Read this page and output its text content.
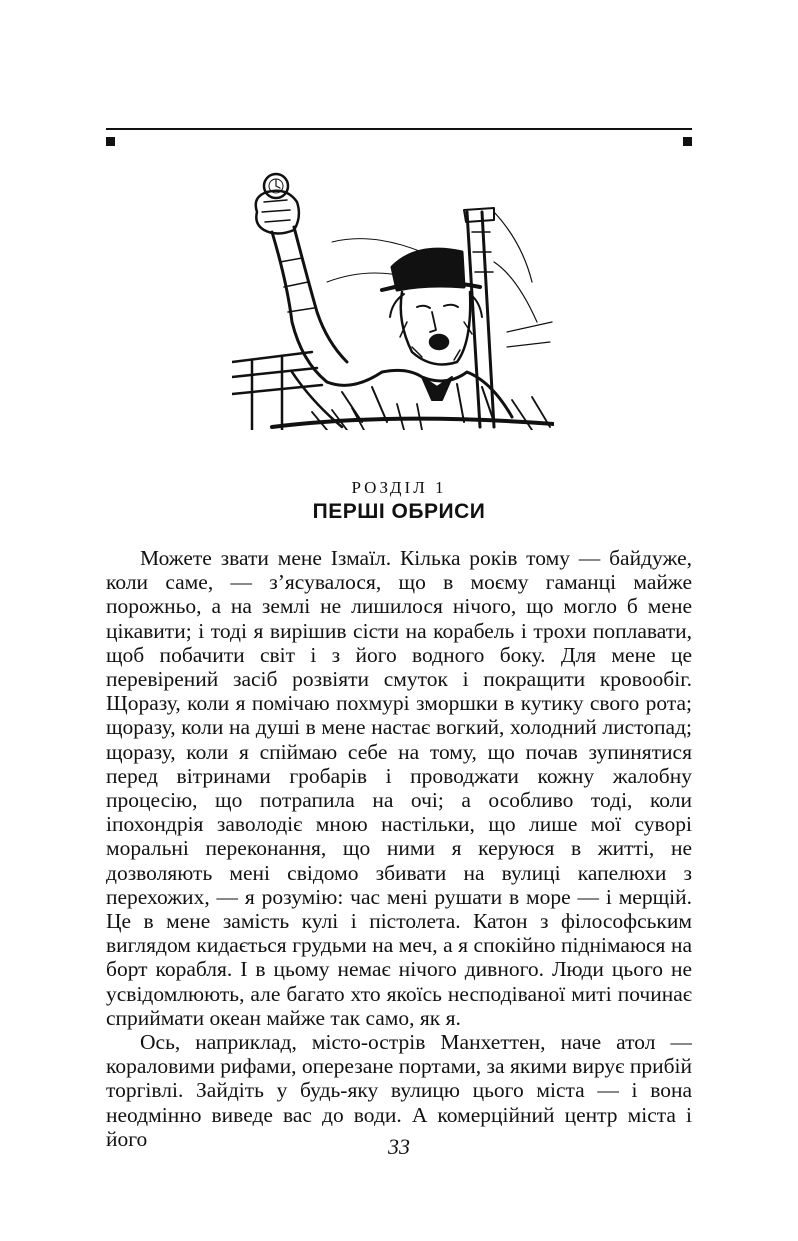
РОЗДІЛ 1
ПЕРШІ ОБРИСИ

Можете звати мене Ізмаїл. Кілька років тому — байдуже, коли саме, — з’ясувалося, що в моєму гаманці майже порожньо, а на землі не лишилося нічого, що могло б мене цікавити; і тоді я вирішив сісти на корабель і трохи поплавати, щоб побачити світ і з його водного боку. Для мене це перевірений засіб розвіяти смуток і покращити кровообіг. Щоразу, коли я помічаю похмурі зморшки в кутику свого рота; щоразу, коли на душі в мене настає вогкий, холодний листопад; щоразу, коли я спіймаю себе на тому, що почав зупинятися перед вітринами гробарів і проводжати кожну жалобну процесію, що потрапила на очі; а особливо тоді, коли іпохондрія заволодіє мною настільки, що лише мої суворі моральні переконання, що ними я керуюся в житті, не дозволяють мені свідомо збивати на вулиці капелюхи з перехожих, — я розумію: час мені рушати в море — і мерщій. Це в мене замість кулі і пістолета. Катон з філософським виглядом кидається грудьми на меч, а я спокійно піднімаюся на борт корабля. І в цьому немає нічого дивного. Люди цього не усвідомлюють, але багато хто якоїсь несподіваної миті починає сприймати океан майже так само, як я.

Ось, наприклад, місто-острів Манхеттен, наче атол — кораловими рифами, оперезане портами, за якими вирує прибій торгівлі. Зайдіть у будь-яку вулицю цього міста — і вона неодмінно виведе вас до води. А комерційний центр міста і його	33
